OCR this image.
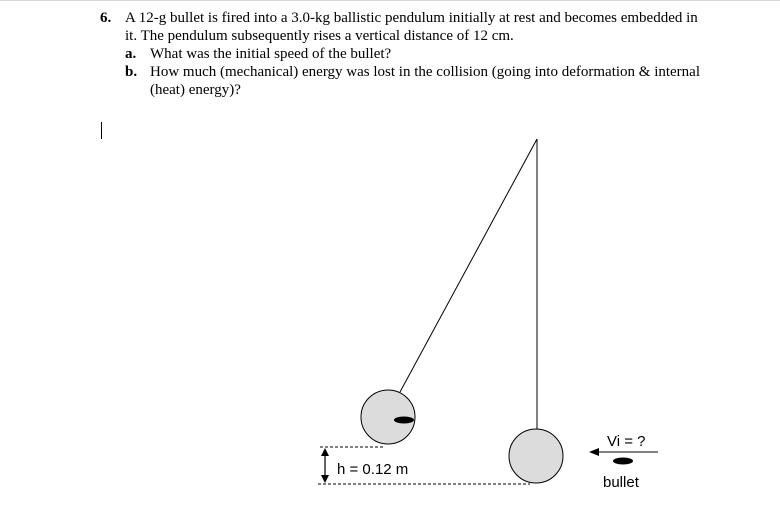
6. A 12-g bullet is fired into a 3.0-kg ballistic pendulum initially at rest and becomes embedded in it. The pendulum subsequently rises a vertical distance of 12 cm.
a. What was the initial speed of the bullet?
b. How much (mechanical) energy was lost in the collision (going into deformation & internal (heat) energy)?
h = 0.12 m
Vi = ?
bullet
